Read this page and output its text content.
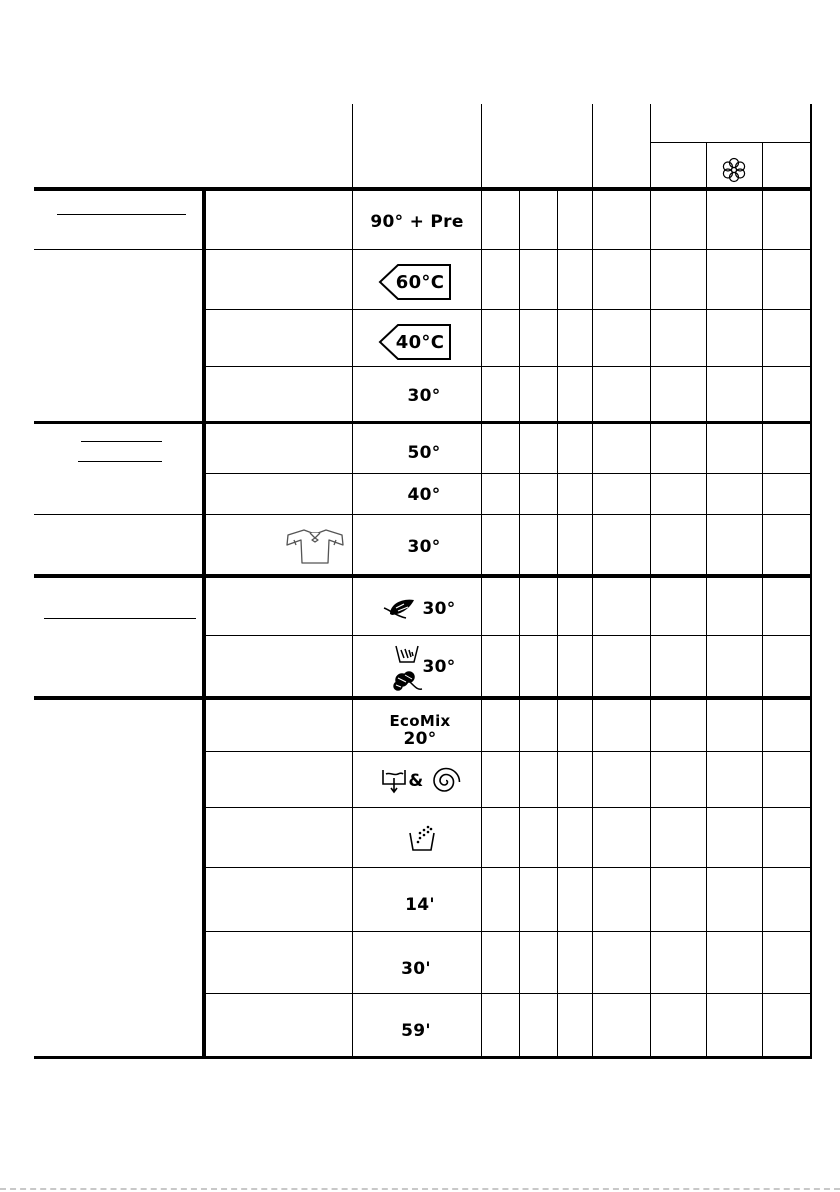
90° + Pre
60°C
40°C
30°
50°
40°
30°
30°
30°
EcoMix
20°
&
14'
30'
59'
